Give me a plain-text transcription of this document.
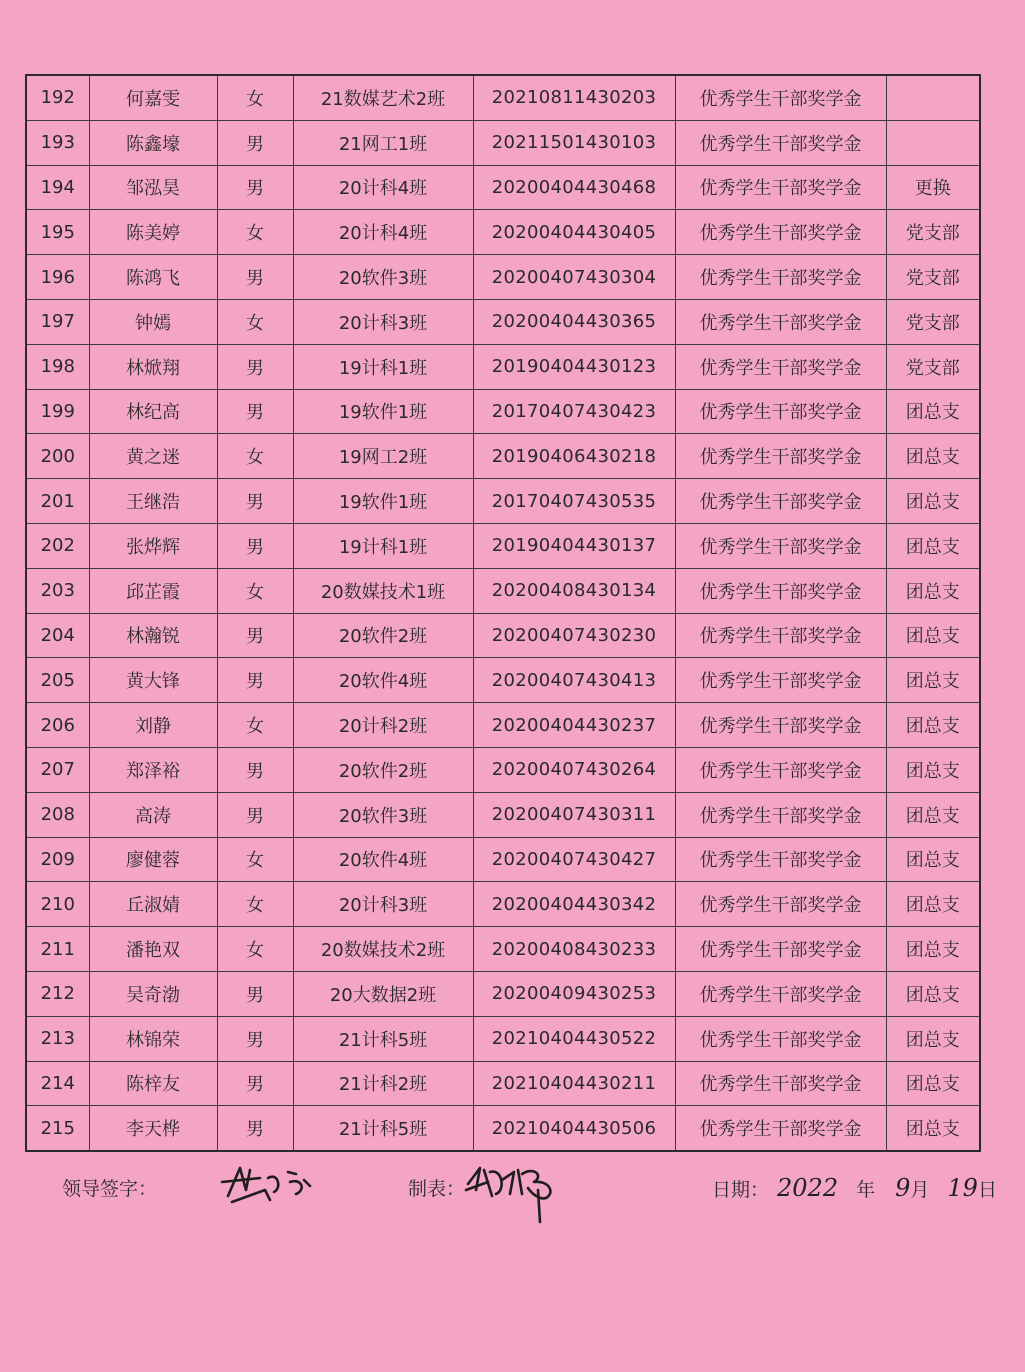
192	何嘉雯	女	21数媒艺术2班	20210811430203	优秀学生干部奖学金	
193	陈鑫壕	男	21网工1班	20211501430103	优秀学生干部奖学金	
194	邹泓昊	男	20计科4班	20200404430468	优秀学生干部奖学金	更换
195	陈美婷	女	20计科4班	20200404430405	优秀学生干部奖学金	党支部
196	陈鸿飞	男	20软件3班	20200407430304	优秀学生干部奖学金	党支部
197	钟嫣	女	20计科3班	20200404430365	优秀学生干部奖学金	党支部
198	林焮翔	男	19计科1班	20190404430123	优秀学生干部奖学金	党支部
199	林纪高	男	19软件1班	20170407430423	优秀学生干部奖学金	团总支
200	黄之迷	女	19网工2班	20190406430218	优秀学生干部奖学金	团总支
201	王继浩	男	19软件1班	20170407430535	优秀学生干部奖学金	团总支
202	张烨辉	男	19计科1班	20190404430137	优秀学生干部奖学金	团总支
203	邱芷霞	女	20数媒技术1班	20200408430134	优秀学生干部奖学金	团总支
204	林瀚锐	男	20软件2班	20200407430230	优秀学生干部奖学金	团总支
205	黄大锋	男	20软件4班	20200407430413	优秀学生干部奖学金	团总支
206	刘静	女	20计科2班	20200404430237	优秀学生干部奖学金	团总支
207	郑泽裕	男	20软件2班	20200407430264	优秀学生干部奖学金	团总支
208	高涛	男	20软件3班	20200407430311	优秀学生干部奖学金	团总支
209	廖健蓉	女	20软件4班	20200407430427	优秀学生干部奖学金	团总支
210	丘淑婧	女	20计科3班	20200404430342	优秀学生干部奖学金	团总支
211	潘艳双	女	20数媒技术2班	20200408430233	优秀学生干部奖学金	团总支
212	吴奇渤	男	20大数据2班	20200409430253	优秀学生干部奖学金	团总支
213	林锦荣	男	21计科5班	20210404430522	优秀学生干部奖学金	团总支
214	陈梓友	男	21计科2班	20210404430211	优秀学生干部奖学金	团总支
215	李天桦	男	21计科5班	20210404430506	优秀学生干部奖学金	团总支
领导签字：	制表：	日期： 2022 年 9月 19日
